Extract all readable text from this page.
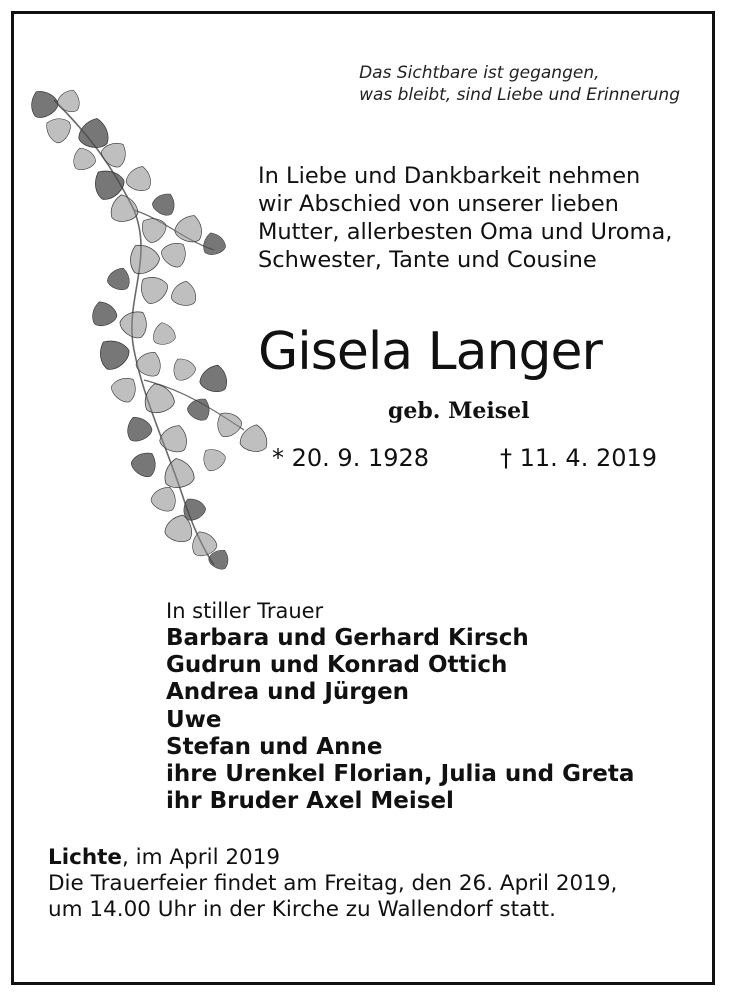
Das Sichtbare ist gegangen,
was bleibt, sind Liebe und Erinnerung
In Liebe und Dankbarkeit nehmen
wir Abschied von unserer lieben
Mutter, allerbesten Oma und Uroma,
Schwester, Tante und Cousine
Gisela Langer
geb. Meisel
* 20. 9. 1928	† 11. 4. 2019
In stiller Trauer
Barbara und Gerhard Kirsch
Gudrun und Konrad Ottich
Andrea und Jürgen
Uwe
Stefan und Anne
ihre Urenkel Florian, Julia und Greta
ihr Bruder Axel Meisel
Lichte, im April 2019
Die Trauerfeier findet am Freitag, den 26. April 2019,
um 14.00 Uhr in der Kirche zu Wallendorf statt.
